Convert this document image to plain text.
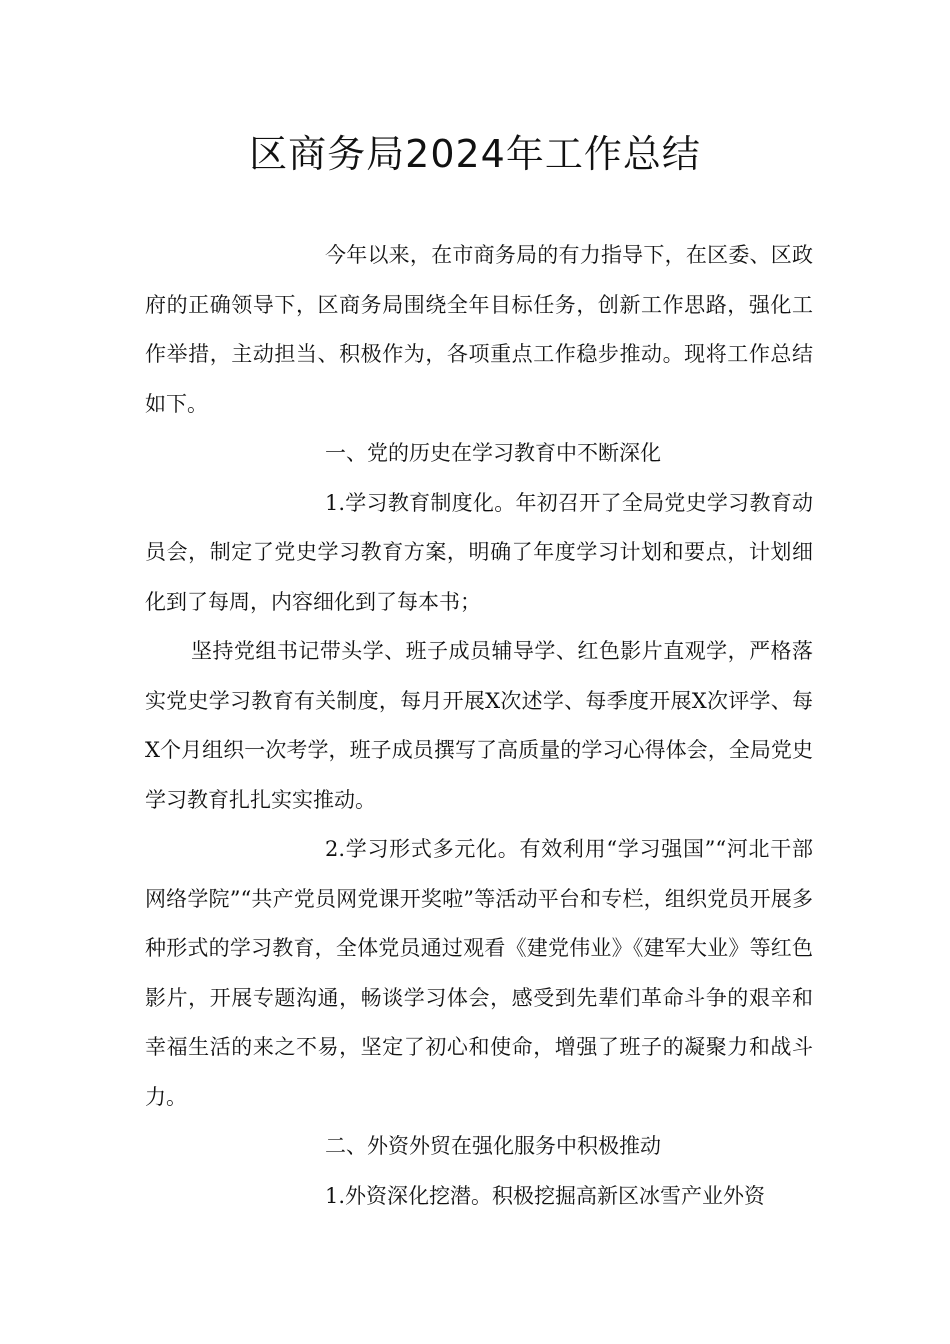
区商务局2024年工作总结

今年以来，在市商务局的有力指导下，在区委、区政府的正确领导下，区商务局围绕全年目标任务，创新工作思路，强化工作举措，主动担当、积极作为，各项重点工作稳步推动。现将工作总结如下。

一、党的历史在学习教育中不断深化

1.学习教育制度化。年初召开了全局党史学习教育动员会，制定了党史学习教育方案，明确了年度学习计划和要点，计划细化到了每周，内容细化到了每本书；

坚持党组书记带头学、班子成员辅导学、红色影片直观学，严格落实党史学习教育有关制度，每月开展X次述学、每季度开展X次评学、每X个月组织一次考学，班子成员撰写了高质量的学习心得体会，全局党史学习教育扎扎实实推动。

2.学习形式多元化。有效利用“学习强国”“河北干部网络学院”“共产党员网党课开奖啦”等活动平台和专栏，组织党员开展多种形式的学习教育，全体党员通过观看《建党伟业》《建军大业》等红色影片，开展专题沟通，畅谈学习体会，感受到先辈们革命斗争的艰辛和幸福生活的来之不易，坚定了初心和使命，增强了班子的凝聚力和战斗力。

二、外资外贸在强化服务中积极推动

1.外资深化挖潜。积极挖掘高新区冰雪产业外资
